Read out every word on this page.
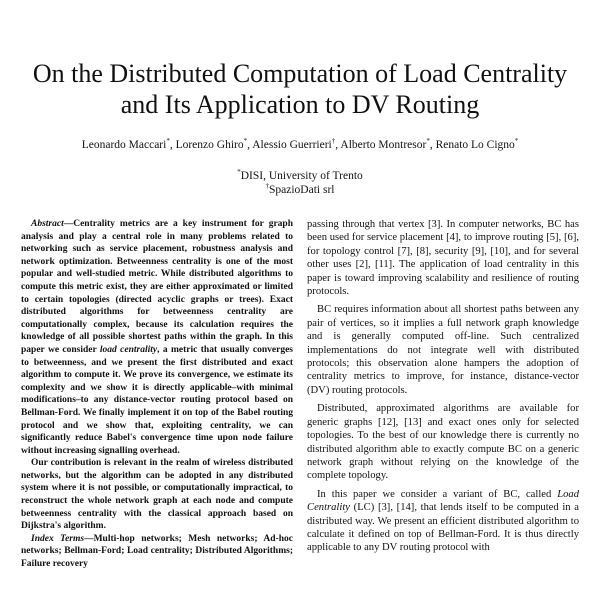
On the Distributed Computation of Load Centrality
and Its Application to DV Routing
Leonardo Maccari*, Lorenzo Ghiro*, Alessio Guerrieri†, Alberto Montresor*, Renato Lo Cigno*
*DISI, University of Trento
†SpazioDati srl

Abstract—Centrality metrics are a key instrument for graph analysis and play a central role in many problems related to networking such as service placement, robustness analysis and network optimization. Betweenness centrality is one of the most popular and well-studied metric. While distributed algorithms to compute this metric exist, they are either approximated or limited to certain topologies (directed acyclic graphs or trees). Exact distributed algorithms for betweenness centrality are computationally complex, because its calculation requires the knowledge of all possible shortest paths within the graph. In this paper we consider load centrality, a metric that usually converges to betweenness, and we present the first distributed and exact algorithm to compute it. We prove its convergence, we estimate its complexity and we show it is directly applicable–with minimal modifications–to any distance-vector routing protocol based on Bellman-Ford. We finally implement it on top of the Babel routing protocol and we show that, exploiting centrality, we can significantly reduce Babel's convergence time upon node failure without increasing signalling overhead.

Our contribution is relevant in the realm of wireless distributed networks, but the algorithm can be adopted in any distributed system where it is not possible, or computationally impractical, to reconstruct the whole network graph at each node and compute betweenness centrality with the classical approach based on Dijkstra's algorithm.

Index Terms—Multi-hop networks; Mesh networks; Ad-hoc networks; Bellman-Ford; Load centrality; Distributed Algorithms; Failure recovery

passing through that vertex [3]. In computer networks, BC has been used for service placement [4], to improve routing [5], [6], for topology control [7], [8], security [9], [10], and for several other uses [2], [11]. The application of load centrality in this paper is toward improving scalability and resilience of routing protocols.

BC requires information about all shortest paths between any pair of vertices, so it implies a full network graph knowledge and is generally computed off-line. Such centralized implementations do not integrate well with distributed protocols; this observation alone hampers the adoption of centrality metrics to improve, for instance, distance-vector (DV) routing protocols.

Distributed, approximated algorithms are available for generic graphs [12], [13] and exact ones only for selected topologies. To the best of our knowledge there is currently no distributed algorithm able to exactly compute BC on a generic network graph without relying on the knowledge of the complete topology.

In this paper we consider a variant of BC, called Load Centrality (LC) [3], [14], that lends itself to be computed in a distributed way. We present an efficient distributed algorithm to calculate it defined on top of Bellman-Ford. It is thus directly applicable to any DV routing protocol with
